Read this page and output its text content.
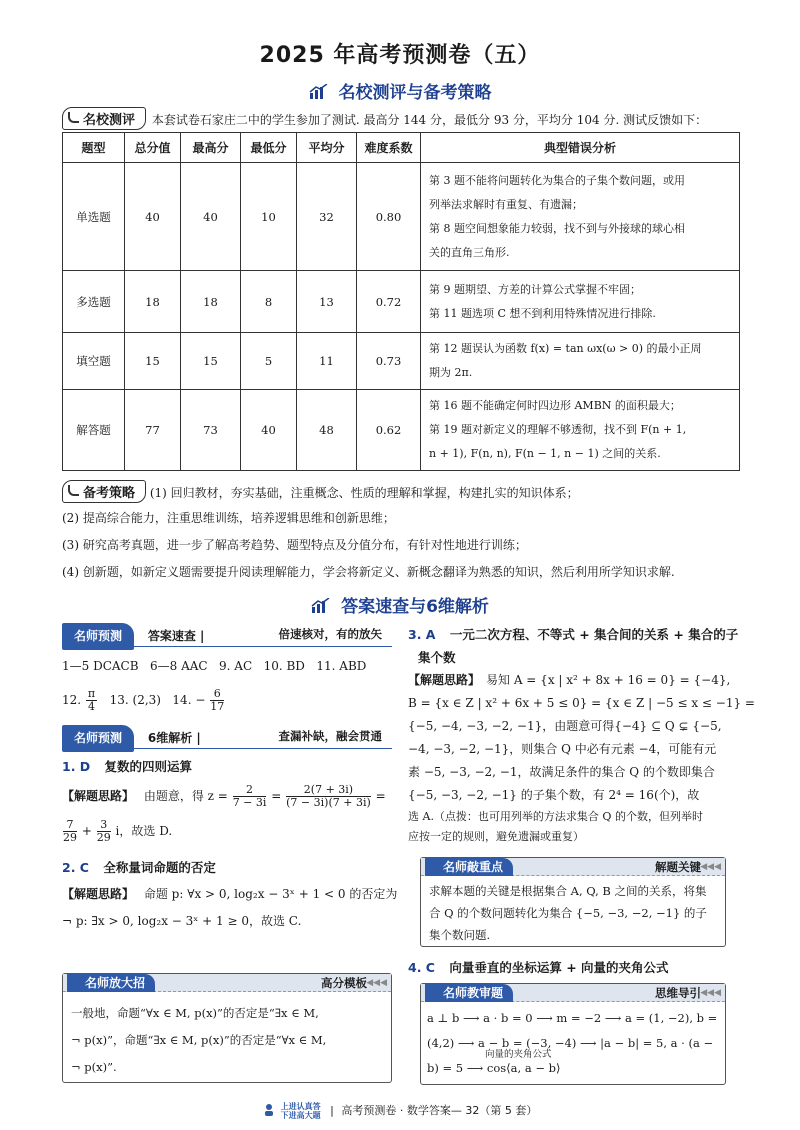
2025 年高考预测卷（五）
名校测评与备考策略
名校测评 本套试卷石家庄二中的学生参加了测试. 最高分 144 分，最低分 93 分，平均分 104 分. 测试反馈如下：
题型	总分值	最高分	最低分	平均分	难度系数	典型错误分析
单选题	40	40	10	32	0.80	第 3 题不能将问题转化为集合的子集个数问题，或用
列举法求解时有重复、有遗漏；
第 8 题空间想象能力较弱，找不到与外接球的球心相
关的直角三角形.

多选题	18	18	8	13	0.72	第 9 题期望、方差的计算公式掌握不牢固；
第 11 题选项 C 想不到利用特殊情况进行排除.

填空题	15	15	5	11	0.73	第 12 题误认为函数 f(x) = tan ωx(ω > 0) 的最小正周
期为 2π.

解答题	77	73	40	48	0.62	第 16 题不能确定何时四边形 AMBN 的面积最大；
第 19 题对新定义的理解不够透彻，找不到 F(n + 1,
n + 1), F(n, n), F(n − 1, n − 1) 之间的关系.
备考策略 (1) 回归教材，夯实基础，注重概念、性质的理解和掌握，构建扎实的知识体系；
(2) 提高综合能力，注重思维训练，培养逻辑思维和创新思维；
(3) 研究高考真题，进一步了解高考趋势、题型特点及分值分布，有针对性地进行训练；
(4) 创新题，如新定义题需要提升阅读理解能力，学会将新定义、新概念翻译为熟悉的知识，然后利用所学知识求解.
答案速查与6维解析
名师预测 答案速查 |	倍速核对，有的放矢
1—5 DCACB   6—8 AAC   9. AC   10. BD   11. ABD
12. $\frac{\pi}{4} 13$. (2,3) 14. − $\frac{6}{17}$
名师预测 6维解析 |	查漏补缺，融会贯通
1. D 复数的四则运算
【解题思路】 由题意，得 $z = \frac{2}{7 - 3i} = \frac{2(7 + 3i)}{(7 - 3i)(7 + 3i)}$ =
$\frac{7}{29} + \frac{3}{29}$ i，故选 D.
2. C 全称量词命题的否定
【解题思路】 命题 p: ∀x > 0, log₂x − 3ˣ + 1 < 0 的否定为
¬ p: ∃x > 0, log₂x − 3ˣ + 1 ≥ 0，故选 C.
名师放大招	高分模板 ◀◀◀
一般地，命题“∀x ∈ M, p(x)”的否定是“∃x ∈ M,
¬ p(x)”，命题“∃x ∈ M, p(x)”的否定是“∀x ∈ M,
¬ p(x)”.
3. A 一元二次方程、不等式 + 集合间的关系 + 集合的子
集个数
【解题思路】 易知 A = {x | x² + 8x + 16 = 0} = {−4},
B = {x ∈ Z | x² + 6x + 5 ≤ 0} = {x ∈ Z | −5 ≤ x ≤ −1} =
{−5, −4, −3, −2, −1}，由题意可得{−4} ⊆ Q ⊊ {−5,
−4, −3, −2, −1}，则集合 Q 中必有元素 −4，可能有元
素 −5, −3, −2, −1，故满足条件的集合 Q 的个数即集合
{−5, −3, −2, −1} 的子集个数，有 2⁴ = 16(个)，故
选 A.（点拨：也可用列举的方法求集合 Q 的个数，但列举时
应按一定的规则，避免遗漏或重复）
名师敲重点	解题关键 ◀◀◀
求解本题的关键是根据集合 A, Q, B 之间的关系，将集
合 Q 的个数问题转化为集合 {−5, −3, −2, −1} 的子
集个数问题.
4. C 向量垂直的坐标运算 + 向量的夹角公式
名师教审题	思维导引 ◀◀◀
a ⊥ b ⟶ a · b = 0 ⟶ m = −2 ⟶ a = (1, −2), b =
(4,2) ⟶ a − b = (−3, −4) ⟶ |a − b| = 5, a · (a −
向量的夹角公式
b) = 5 ⟶ cos⟨a, a − b⟩
上进认真答 下进高大题 | 高考预测卷 · 数学答案— 32（第 5 套）
